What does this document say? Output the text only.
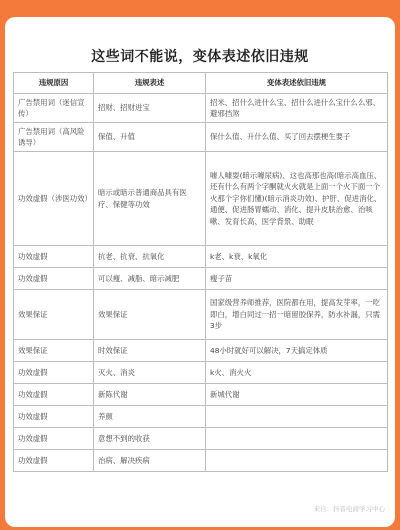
这些词不能说，变体表述依旧违规
违规原因	违规表述	变体表述依旧违规
广告禁用词（迷信宣传）	招财、招财进宝	招米、招什么进什么宝、招什么进什么宝什么么邪、避邪挡煞
广告禁用词（高风险诱导）	保值、升值	保什么值、升什么值、买了回去摆梗生要子
功效虚假（涉医功效）	暗示或暗示普通商品具有医疗、保健等功效	噱人噱耍(暗示噱尿病)、这也高那也高(暗示高血压、还有什么有两个字酮就火火就是上面一个火下面一个火那个字你们懂)(暗示消炎功效)、护肝、促进消化、通便、促进肠胃蠕动、消化、提升皮肤治愈、治咳嗽、发育长高、医学背景、助眠
功效虚假	抗老、抗衰、抗氧化	k老、k衰、k氧化
功效虚假	可以瘦、减脂、暗示减肥	瘦子苗
效果保证	效果保证	国家级营养师推荐，医院都在用，提高发芽率，一吃即白，增白同过一招一暗留胶保养，防水补漏，只需3步
效果保证	时效保证	48小时就好可以解决，7天搞定体质
功效虚假	灭火、消炎	k火、消火火
功效虚假	新陈代谢	新城代谢
功效虚假	养颜	
功效虚假	意想不到的收获	
功效虚假	治病、解决疾病	
来自：抖音电商学习中心
